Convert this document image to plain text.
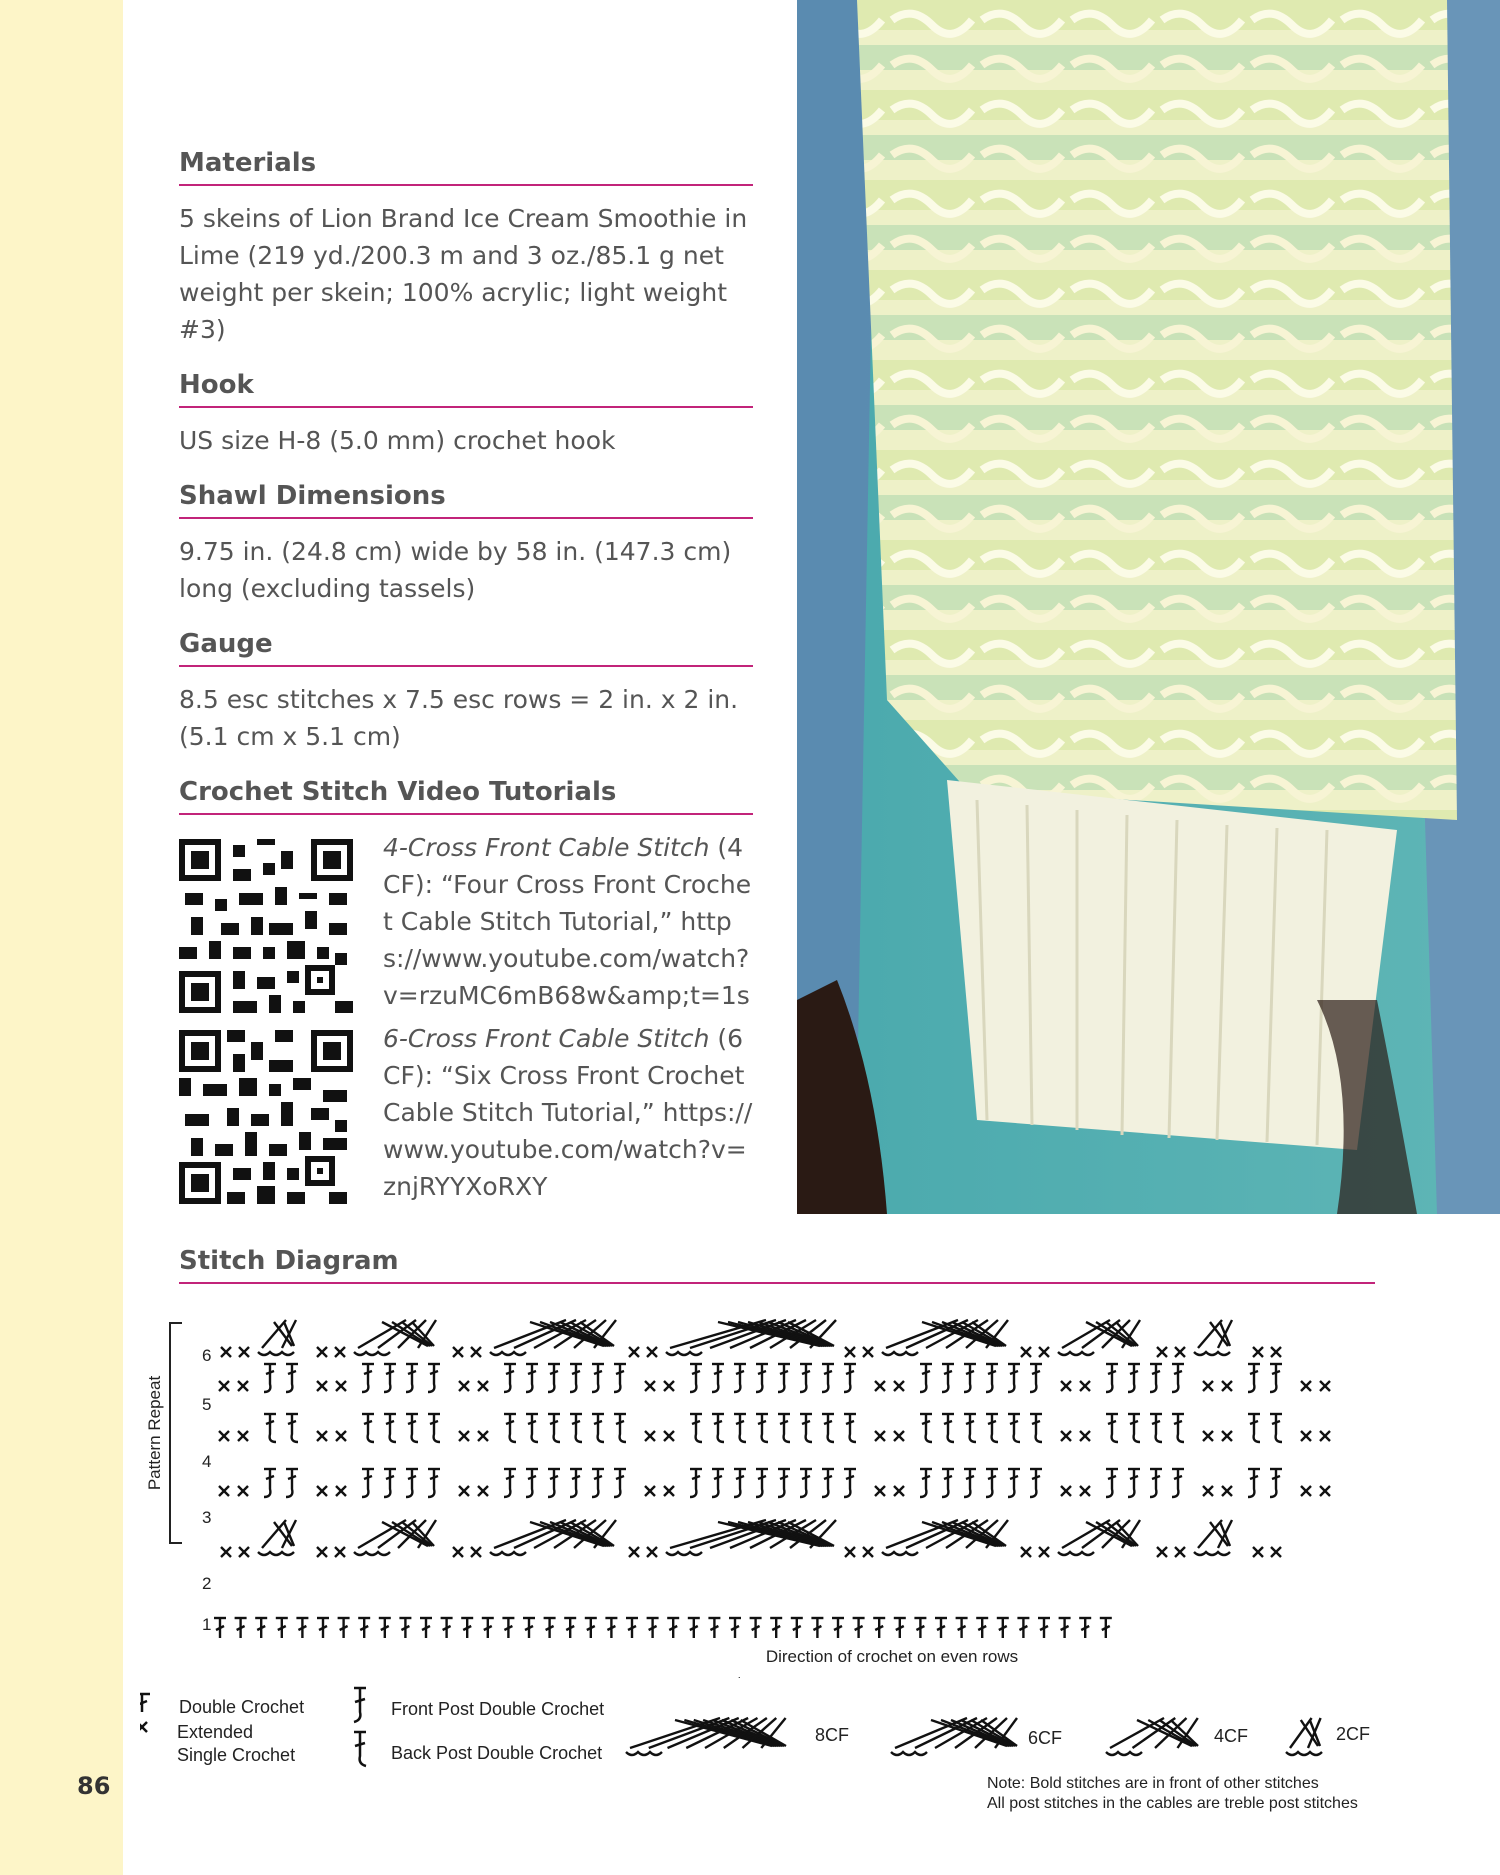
86
Materials
5 skeins of Lion Brand Ice Cream Smoothie in Lime (219 yd./200.3 m and 3 oz./85.1 g net weight per skein; 100% acrylic; light weight #3)
Hook
US size H-8 (5.0 mm) crochet hook
Shawl Dimensions
9.75 in. (24.8 cm) wide by 58 in. (147.3 cm) long (excluding tassels)
Gauge
8.5 esc stitches x 7.5 esc rows = 2 in. x 2 in. (5.1 cm x 5.1 cm)
Crochet Stitch Video Tutorials
4-Cross Front Cable Stitch (4CF): “Four Cross Front Crochet Cable Stitch Tutorial,” https://www.youtube.com/watch?v=rzuMC6mB68w&amp;t=1s
6-Cross Front Cable Stitch (6CF): “Six Cross Front Crochet Cable Stitch Tutorial,” https://www.youtube.com/watch?v=znjRYYXoRXY
Stitch Diagram
Pattern Repeat
6
5
4
3
2
1
Direction of crochet on even rows
Double Crochet
Extended
Single Crochet
Front Post Double Crochet
Back Post Double Crochet
8CF	6CF	4CF	2CF
Note: Bold stitches are in front of other stitches
All post stitches in the cables are treble post stitches
